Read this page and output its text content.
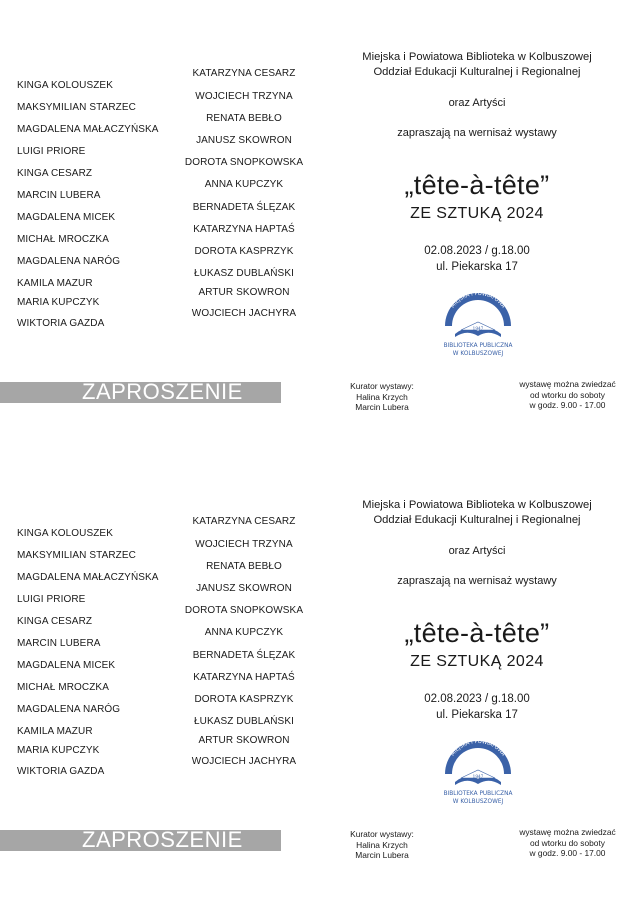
KINGA KOLOUSZEK
MAKSYMILIAN STARZEC
MAGDALENA MAŁACZYŃSKA
LUIGI PRIORE
KINGA CESARZ
MARCIN LUBERA
MAGDALENA MICEK
MICHAŁ MROCZKA
MAGDALENA NARÓG
KAMILA MAZUR
MARIA KUPCZYK
WIKTORIA GAZDA
KATARZYNA CESARZ
WOJCIECH TRZYNA
RENATA BEBŁO
JANUSZ SKOWRON
DOROTA SNOPKOWSKA
ANNA KUPCZYK
BERNADETA ŚLĘZAK
KATARZYNA HAPTAŚ
DOROTA KASPRZYK
ŁUKASZ DUBLAŃSKI
ARTUR SKOWRON
WOJCIECH JACHYRA
Miejska i Powiatowa Biblioteka w Kolbuszowej
Oddział Edukacji Kulturalnej i Regionalnej
oraz Artyści
zapraszają na wernisaż wystawy
„tête-à-tête”
ZE SZTUKĄ 2024
02.08.2023 / g.18.00
ul. Piekarska 17
MIEJSKA I POWIATOWA
1947
BIBLIOTEKA PUBLICZNA
W KOLBUSZOWEJ
ZAPROSZENIE	Kurator wystawy:
Halina Krzych
Marcin Lubera
wystawę można zwiedzać
od wtorku do soboty
w godz. 9.00 - 17.00
KINGA KOLOUSZEK
MAKSYMILIAN STARZEC
MAGDALENA MAŁACZYŃSKA
LUIGI PRIORE
KINGA CESARZ
MARCIN LUBERA
MAGDALENA MICEK
MICHAŁ MROCZKA
MAGDALENA NARÓG
KAMILA MAZUR
MARIA KUPCZYK
WIKTORIA GAZDA
KATARZYNA CESARZ
WOJCIECH TRZYNA
RENATA BEBŁO
JANUSZ SKOWRON
DOROTA SNOPKOWSKA
ANNA KUPCZYK
BERNADETA ŚLĘZAK
KATARZYNA HAPTAŚ
DOROTA KASPRZYK
ŁUKASZ DUBLAŃSKI
ARTUR SKOWRON
WOJCIECH JACHYRA
Miejska i Powiatowa Biblioteka w Kolbuszowej
Oddział Edukacji Kulturalnej i Regionalnej
oraz Artyści
zapraszają na wernisaż wystawy
„tête-à-tête”
ZE SZTUKĄ 2024
02.08.2023 / g.18.00
ul. Piekarska 17
MIEJSKA I POWIATOWA
1947
BIBLIOTEKA PUBLICZNA
W KOLBUSZOWEJ
ZAPROSZENIE	Kurator wystawy:
Halina Krzych
Marcin Lubera
wystawę można zwiedzać
od wtorku do soboty
w godz. 9.00 - 17.00
